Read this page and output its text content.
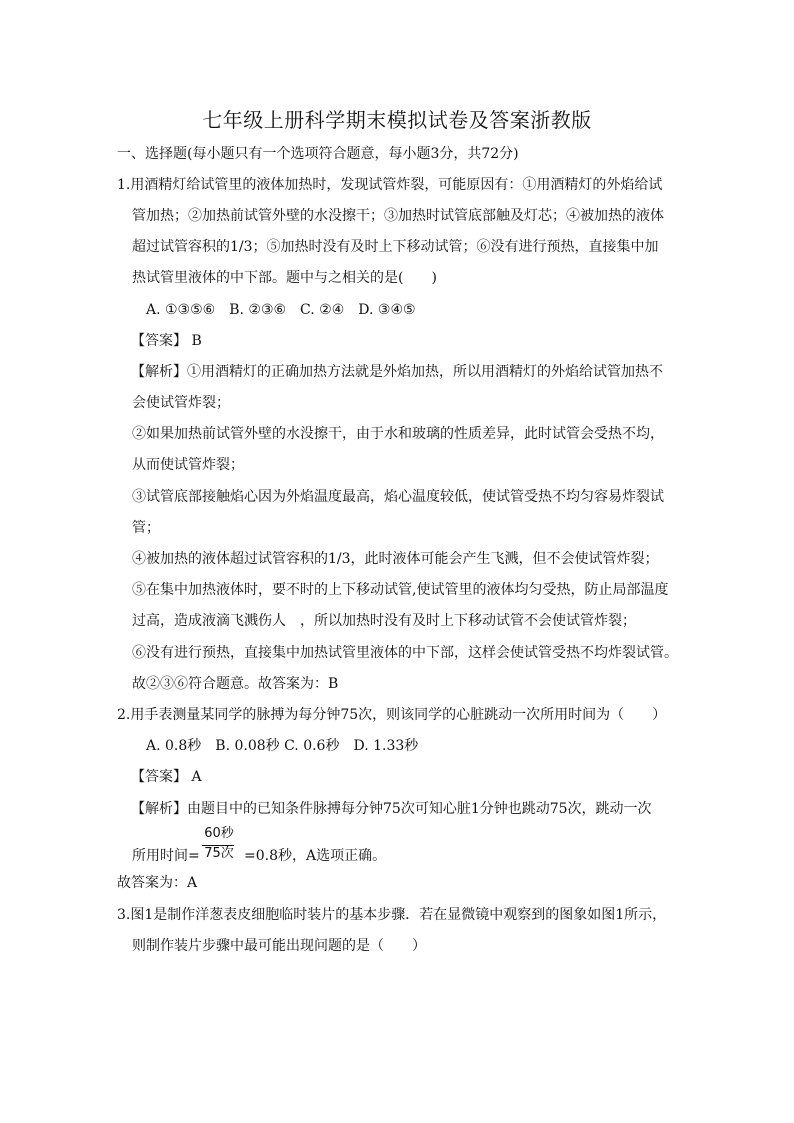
七年级上册科学期末模拟试卷及答案浙教版
一、选择题(每小题只有一个选项符合题意，每小题3分，共72分)
1.用酒精灯给试管里的液体加热时，发现试管炸裂，可能原因有：①用酒精灯的外焰给试
管加热；②加热前试管外壁的水没擦干；③加热时试管底部触及灯芯；④被加热的液体
超过试管容积的1/3；⑤加热时没有及时上下移动试管；⑥没有进行预热，直接集中加
热试管里液体的中下部。题中与之相关的是(　　)
A. ①③⑤⑥　B. ②③⑥　C. ②④　D. ③④⑤
【答案】 B
【解析】①用酒精灯的正确加热方法就是外焰加热，所以用酒精灯的外焰给试管加热不
会使试管炸裂；
②如果加热前试管外壁的水没擦干，由于水和玻璃的性质差异，此时试管会受热不均，
从而使试管炸裂；
③试管底部接触焰心因为外焰温度最高，焰心温度较低，使试管受热不均匀容易炸裂试
管；
④被加热的液体超过试管容积的1/3，此时液体可能会产生飞溅，但不会使试管炸裂；
⑤在集中加热液体时，要不时的上下移动试管,使试管里的液体均匀受热，防止局部温度
过高，造成液滴飞溅伤人　，所以加热时没有及时上下移动试管不会使试管炸裂；
⑥没有进行预热，直接集中加热试管里液体的中下部，这样会使试管受热不均炸裂试管。
故②③⑥符合题意。故答案为：B
2.用手表测量某同学的脉搏为每分钟75次，则该同学的心脏跳动一次所用时间为（　　）
A. 0.8秒　B. 0.08秒 C. 0.6秒　D. 1.33秒
【答案】 A
【解析】由题目中的已知条件脉搏每分钟75次可知心脏1分钟也跳动75次，跳动一次
60秒
75次
所用时间=	=0.8秒，A选项正确。
故答案为：A
3.图1是制作洋葱表皮细胞临时装片的基本步骤．若在显微镜中观察到的图象如图1所示，
则制作装片步骤中最可能出现问题的是（　　）
